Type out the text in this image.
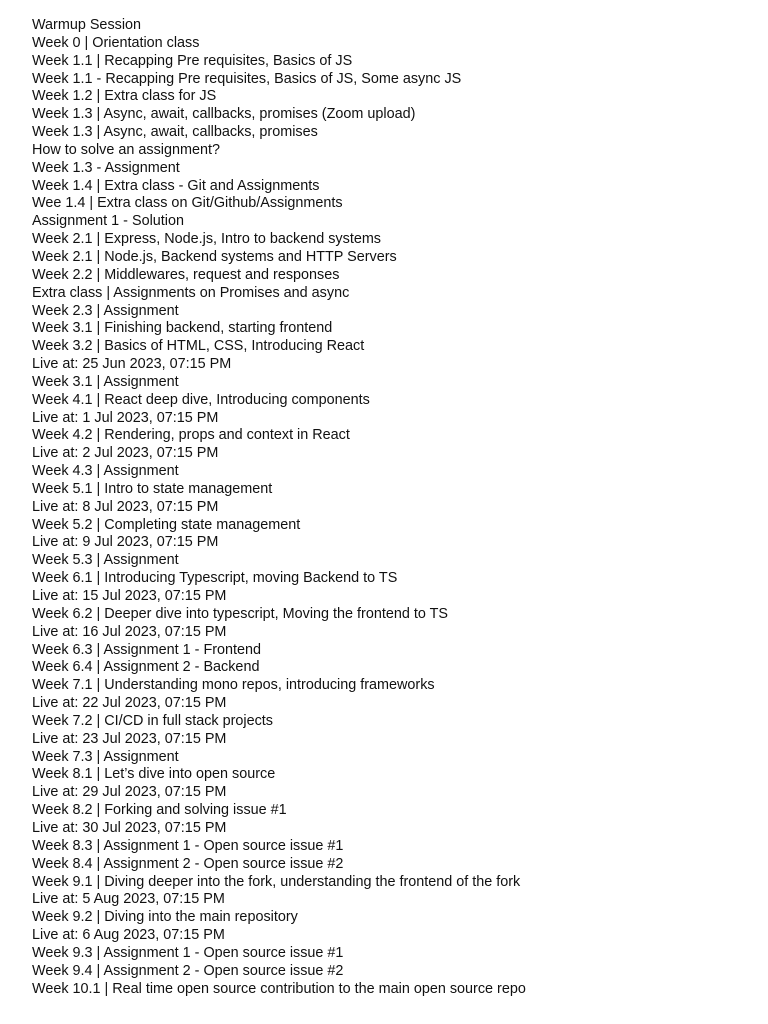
Warmup Session
Week 0 | Orientation class
Week 1.1 | Recapping Pre requisites, Basics of JS
Week 1.1 - Recapping Pre requisites, Basics of JS, Some async JS
Week 1.2 | Extra class for JS
Week 1.3 | Async, await, callbacks, promises (Zoom upload)
Week 1.3 | Async, await, callbacks, promises
How to solve an assignment?
Week 1.3 - Assignment
Week 1.4 | Extra class - Git and Assignments
Wee 1.4 | Extra class on Git/Github/Assignments
Assignment 1 - Solution
Week 2.1 | Express, Node.js, Intro to backend systems
Week 2.1 | Node.js, Backend systems and HTTP Servers
Week 2.2 | Middlewares, request and responses
Extra class | Assignments on Promises and async
Week 2.3 | Assignment
Week 3.1 | Finishing backend, starting frontend
Week 3.2 | Basics of HTML, CSS, Introducing React
Live at: 25 Jun 2023, 07:15 PM
Week 3.1 | Assignment
Week 4.1 | React deep dive, Introducing components
Live at: 1 Jul 2023, 07:15 PM
Week 4.2 | Rendering, props and context in React
Live at: 2 Jul 2023, 07:15 PM
Week 4.3 | Assignment
Week 5.1 | Intro to state management
Live at: 8 Jul 2023, 07:15 PM
Week 5.2 | Completing state management
Live at: 9 Jul 2023, 07:15 PM
Week 5.3 | Assignment
Week 6.1 | Introducing Typescript, moving Backend to TS
Live at: 15 Jul 2023, 07:15 PM
Week 6.2 | Deeper dive into typescript, Moving the frontend to TS
Live at: 16 Jul 2023, 07:15 PM
Week 6.3 | Assignment 1 - Frontend
Week 6.4 | Assignment 2 - Backend
Week 7.1 | Understanding mono repos, introducing frameworks
Live at: 22 Jul 2023, 07:15 PM
Week 7.2 | CI/CD in full stack projects
Live at: 23 Jul 2023, 07:15 PM
Week 7.3 | Assignment
Week 8.1 | Let’s dive into open source
Live at: 29 Jul 2023, 07:15 PM
Week 8.2 | Forking and solving issue #1
Live at: 30 Jul 2023, 07:15 PM
Week 8.3 | Assignment 1 - Open source issue #1
Week 8.4 | Assignment 2 - Open source issue #2
Week 9.1 | Diving deeper into the fork, understanding the frontend of the fork
Live at: 5 Aug 2023, 07:15 PM
Week 9.2 | Diving into the main repository
Live at: 6 Aug 2023, 07:15 PM
Week 9.3 | Assignment 1 - Open source issue #1
Week 9.4 | Assignment 2 - Open source issue #2
Week 10.1 | Real time open source contribution to the main open source repo
